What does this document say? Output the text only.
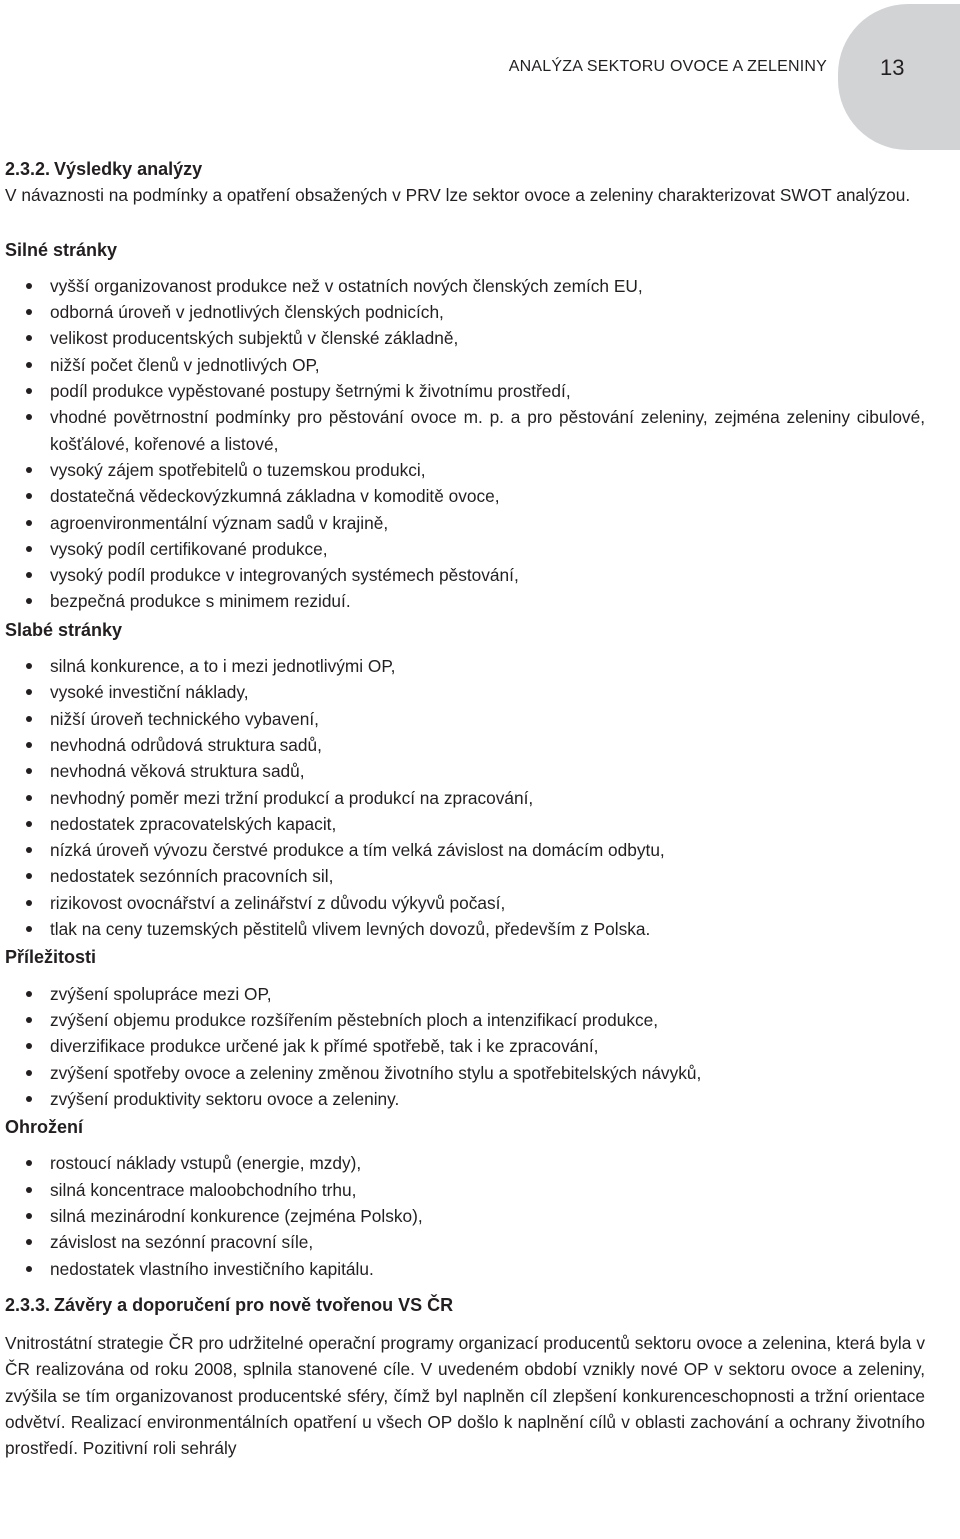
ANALÝZA SEKTORU OVOCE A ZELENINY 13
2.3.2. Výsledky analýzy

V návaznosti na podmínky a opatření obsažených v PRV lze sektor ovoce a zeleniny charakterizovat SWOT analýzou.

Silné stránky
vyšší organizovanost produkce než v ostatních nových členských zemích EU,
odborná úroveň v jednotlivých členských podnicích,
velikost producentských subjektů v členské základně,
nižší počet členů v jednotlivých OP,
podíl produkce vypěstované postupy šetrnými k životnímu prostředí,
vhodné povětrnostní podmínky pro pěstování ovoce m. p. a pro pěstování zeleniny, zejména zeleniny cibulové, košťálové, kořenové a listové,
vysoký zájem spotřebitelů o tuzemskou produkci,
dostatečná vědeckovýzkumná základna v komoditě ovoce,
agroenvironmentální význam sadů v krajině,
vysoký podíl certifikované produkce,
vysoký podíl produkce v integrovaných systémech pěstování,
bezpečná produkce s minimem reziduí.
Slabé stránky
silná konkurence, a to i mezi jednotlivými OP,
vysoké investiční náklady,
nižší úroveň technického vybavení,
nevhodná odrůdová struktura sadů,
nevhodná věková struktura sadů,
nevhodný poměr mezi tržní produkcí a produkcí na zpracování,
nedostatek zpracovatelských kapacit,
nízká úroveň vývozu čerstvé produkce a tím velká závislost na domácím odbytu,
nedostatek sezónních pracovních sil,
rizikovost ovocnářství a zelinářství z důvodu výkyvů počasí,
tlak na ceny tuzemských pěstitelů vlivem levných dovozů, především z Polska.
Příležitosti
zvýšení spolupráce mezi OP,
zvýšení objemu produkce rozšířením pěstebních ploch a intenzifikací produkce,
diverzifikace produkce určené jak k přímé spotřebě, tak i ke zpracování,
zvýšení spotřeby ovoce a zeleniny změnou životního stylu a spotřebitelských návyků,
zvýšení produktivity sektoru ovoce a zeleniny.
Ohrožení
rostoucí náklady vstupů (energie, mzdy),
silná koncentrace maloobchodního trhu,
silná mezinárodní konkurence (zejména Polsko),
závislost na sezónní pracovní síle,
nedostatek vlastního investičního kapitálu.
2.3.3. Závěry a doporučení pro nově tvořenou VS ČR

Vnitrostátní strategie ČR pro udržitelné operační programy organizací producentů sektoru ovoce a zelenina, která byla v ČR realizována od roku 2008, splnila stanovené cíle. V uvedeném období vznikly nové OP v sektoru ovoce a zeleniny, zvýšila se tím organizovanost producentské sféry, čímž byl naplněn cíl zlepšení konkurenceschopnosti a tržní orientace odvětví. Realizací environmentálních opatření u všech OP došlo k naplnění cílů v oblasti zachování a ochrany životního prostředí. Pozitivní roli sehrály
